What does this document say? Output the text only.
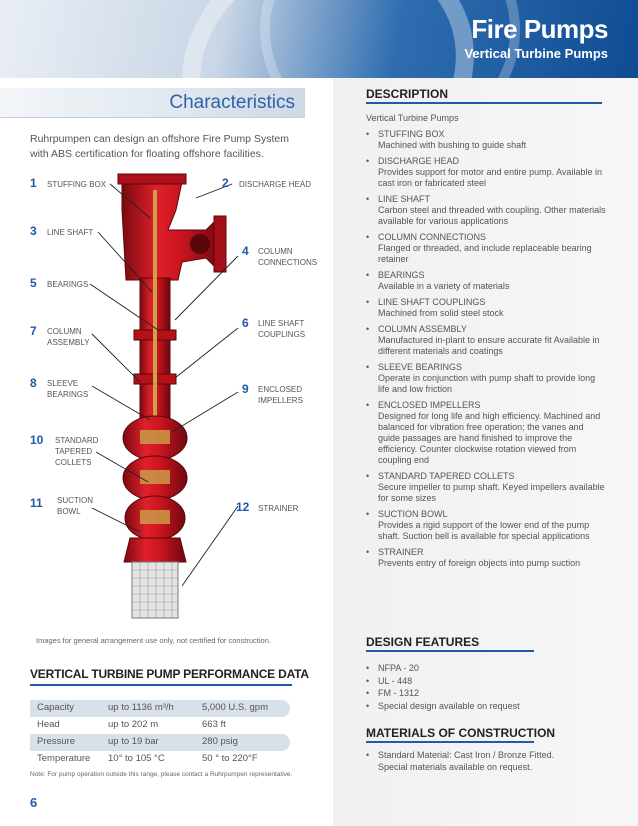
Fire Pumps
Vertical Turbine Pumps
Characteristics
Ruhrpumpen can design an offshore Fire Pump System with ABS certification for floating offshore facilities.
1 STUFFING BOX	2 DISCHARGE HEAD
3 LINE SHAFT
4 COLUMN CONNECTIONS
5 BEARINGS
6 LINE SHAFT COUPLINGS
7 COLUMN ASSEMBLY
8 SLEEVE BEARINGS	9 ENCLOSED IMPELLERS
10 STANDARD TAPERED COLLETS
11 SUCTION BOWL	12 STRAINER
Images for general arrangement use only, not certified for construction.
VERTICAL TURBINE PUMP PERFORMANCE DATA
Capacity	up to 1136 m³/h	5,000 U.S. gpm
Head	up to 202 m	663 ft
Pressure	up to 19 bar	280 psig
Temperature 10° to 105 °C	50 ° to 220°F
Note: For pump operation outside this range, please contact a Ruhrpumpen representative.
6
DESCRIPTION
Vertical Turbine Pumps
• STUFFING BOX
Machined with bushing to guide shaft
• DISCHARGE HEAD
Provides support for motor and entire pump. Available in cast iron or fabricated steel
• LINE SHAFT
Carbon steel and threaded with coupling. Other materials available for various applications
• COLUMN CONNECTIONS
Flanged or threaded, and include replaceable bearing retainer
• BEARINGS
Available in a variety of materials
• LINE SHAFT COUPLINGS
Machined from solid steel stock
• COLUMN ASSEMBLY
Manufactured in-plant to ensure accurate fit Available in different materials and coatings
• SLEEVE BEARINGS
Operate in conjunction with pump shaft to provide long life and low friction
• ENCLOSED IMPELLERS
Designed for long life and high efficiency. Machined and balanced for vibration free operation; the vanes and guide passages are hand finished to improve the efficiency. Counter clockwise rotation viewed from coupling end
• STANDARD TAPERED COLLETS
Secure impeller to pump shaft. Keyed impellers available for some sizes
• SUCTION BOWL
Provides a rigid support of the lower end of the pump shaft. Suction bell is available for special applications
• STRAINER
Prevents entry of foreign objects into pump suction
DESIGN FEATURES
• NFPA - 20
• UL - 448
• FM - 1312
• Special design available on request
MATERIALS OF CONSTRUCTION
• Standard Material: Cast Iron / Bronze Fitted. Special materials available on request.
